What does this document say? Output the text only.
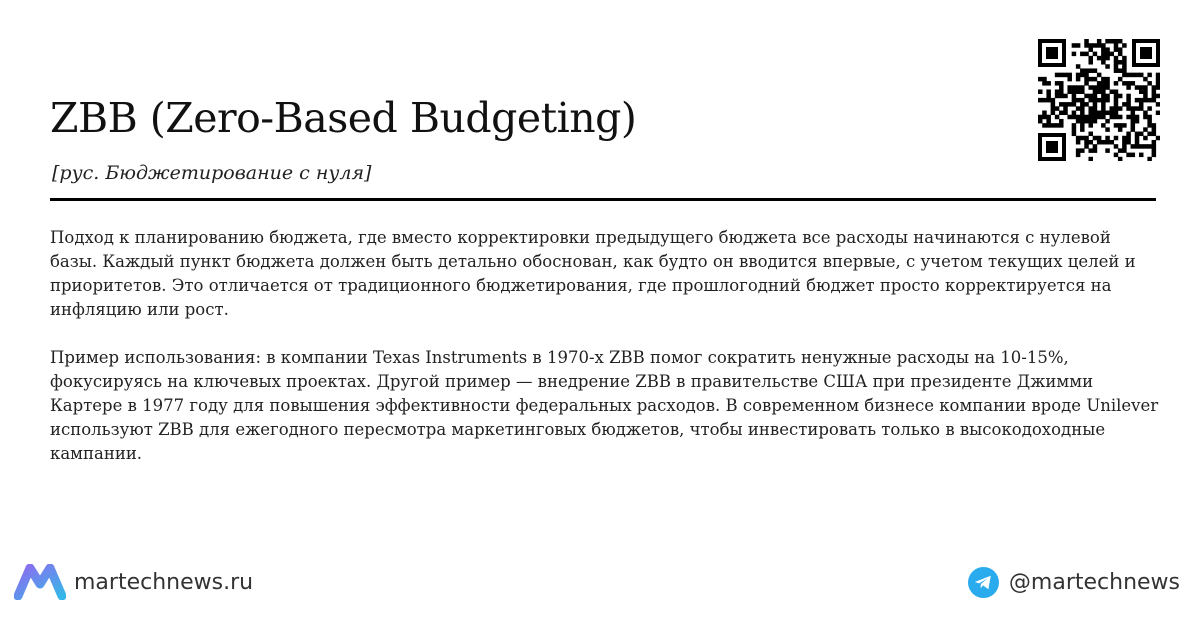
ZBB (Zero-Based Budgeting)
[рус. Бюджетирование с нуля]

Подход к планированию бюджета, где вместо корректировки предыдущего бюджета все расходы начинаются с нулевой базы. Каждый пункт бюджета должен быть детально обоснован, как будто он вводится впервые, с учетом текущих целей и приоритетов. Это отличается от традиционного бюджетирования, где прошлогодний бюджет просто корректируется на инфляцию или рост.

Пример использования: в компании Texas Instruments в 1970-х ZBB помог сократить ненужные расходы на 10-15%, фокусируясь на ключевых проектах. Другой пример — внедрение ZBB в правительстве США при президенте Джимми Картере в 1977 году для повышения эффективности федеральных расходов. В современном бизнесе компании вроде Unilever используют ZBB для ежегодного пересмотра маркетинговых бюджетов, чтобы инвестировать только в высокодоходные кампании.

martechnews.ru	@martechnews
